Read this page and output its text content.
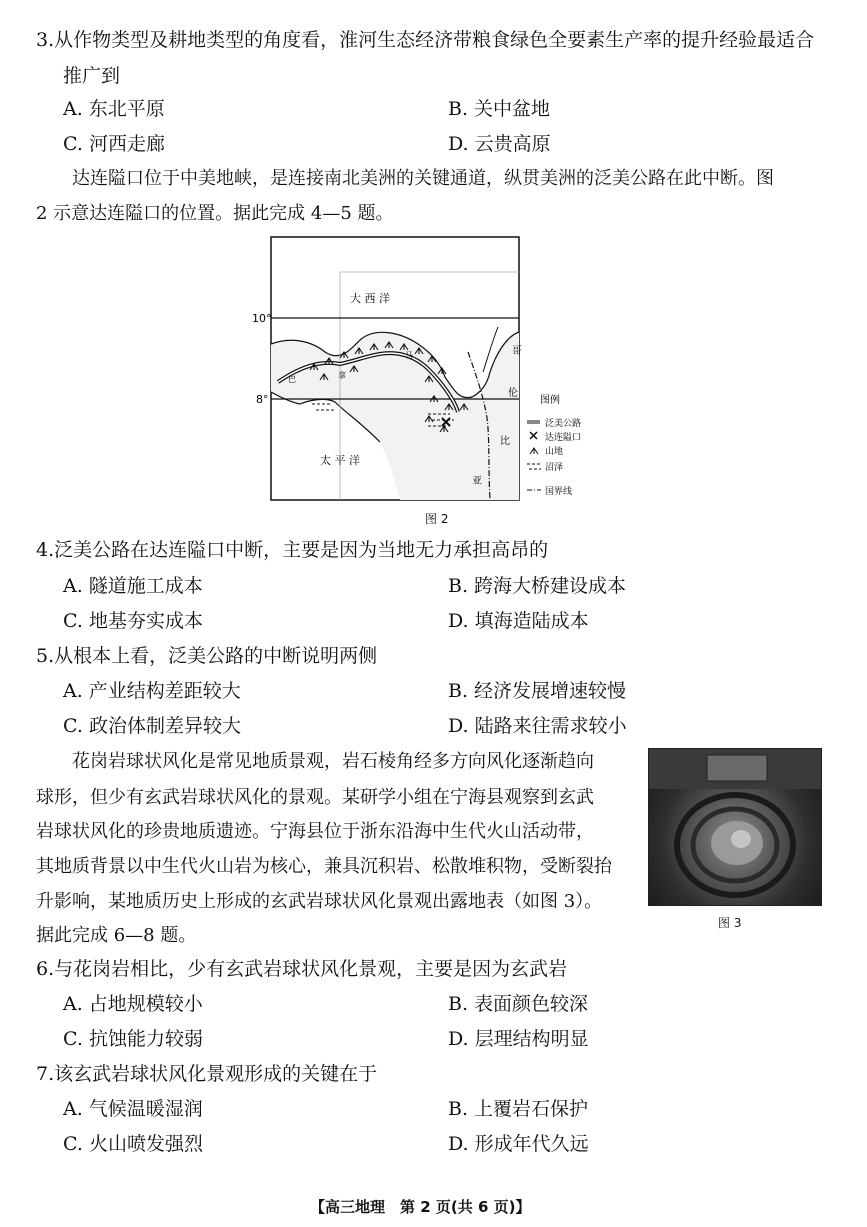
3.从作物类型及耕地类型的角度看，淮河生态经济带粮食绿色全要素生产率的提升经验最适合
推广到
A. 东北平原	B. 关中盆地
C. 河西走廊	D. 云贵高原
达连隘口位于中美地峡，是连接南北美洲的关键通道，纵贯美洲的泛美公路在此中断。图
2 示意达连隘口的位置。据此完成 4—5 题。
10°
8°
大 西 洋
太 平 洋
巴	拿
马	哥
伦
比
亚
图例
泛美公路
达连隘口
山地
沼泽
国界线
图 2
4.泛美公路在达连隘口中断，主要是因为当地无力承担高昂的
A. 隧道施工成本	B. 跨海大桥建设成本
C. 地基夯实成本	D. 填海造陆成本
5.从根本上看，泛美公路的中断说明两侧
A. 产业结构差距较大	B. 经济发展增速较慢
C. 政治体制差异较大	D. 陆路来往需求较小
花岗岩球状风化是常见地质景观，岩石棱角经多方向风化逐渐趋向
球形，但少有玄武岩球状风化的景观。某研学小组在宁海县观察到玄武
岩球状风化的珍贵地质遗迹。宁海县位于浙东沿海中生代火山活动带，
其地质背景以中生代火山岩为核心，兼具沉积岩、松散堆积物，受断裂抬
升影响，某地质历史上形成的玄武岩球状风化景观出露地表（如图 3）。
据此完成 6—8 题。
图 3
6.与花岗岩相比，少有玄武岩球状风化景观，主要是因为玄武岩
A. 占地规模较小	B. 表面颜色较深
C. 抗蚀能力较弱	D. 层理结构明显
7.该玄武岩球状风化景观形成的关键在于
A. 气候温暖湿润	B. 上覆岩石保护
C. 火山喷发强烈	D. 形成年代久远
【高三地理　第 2 页(共 6 页)】
